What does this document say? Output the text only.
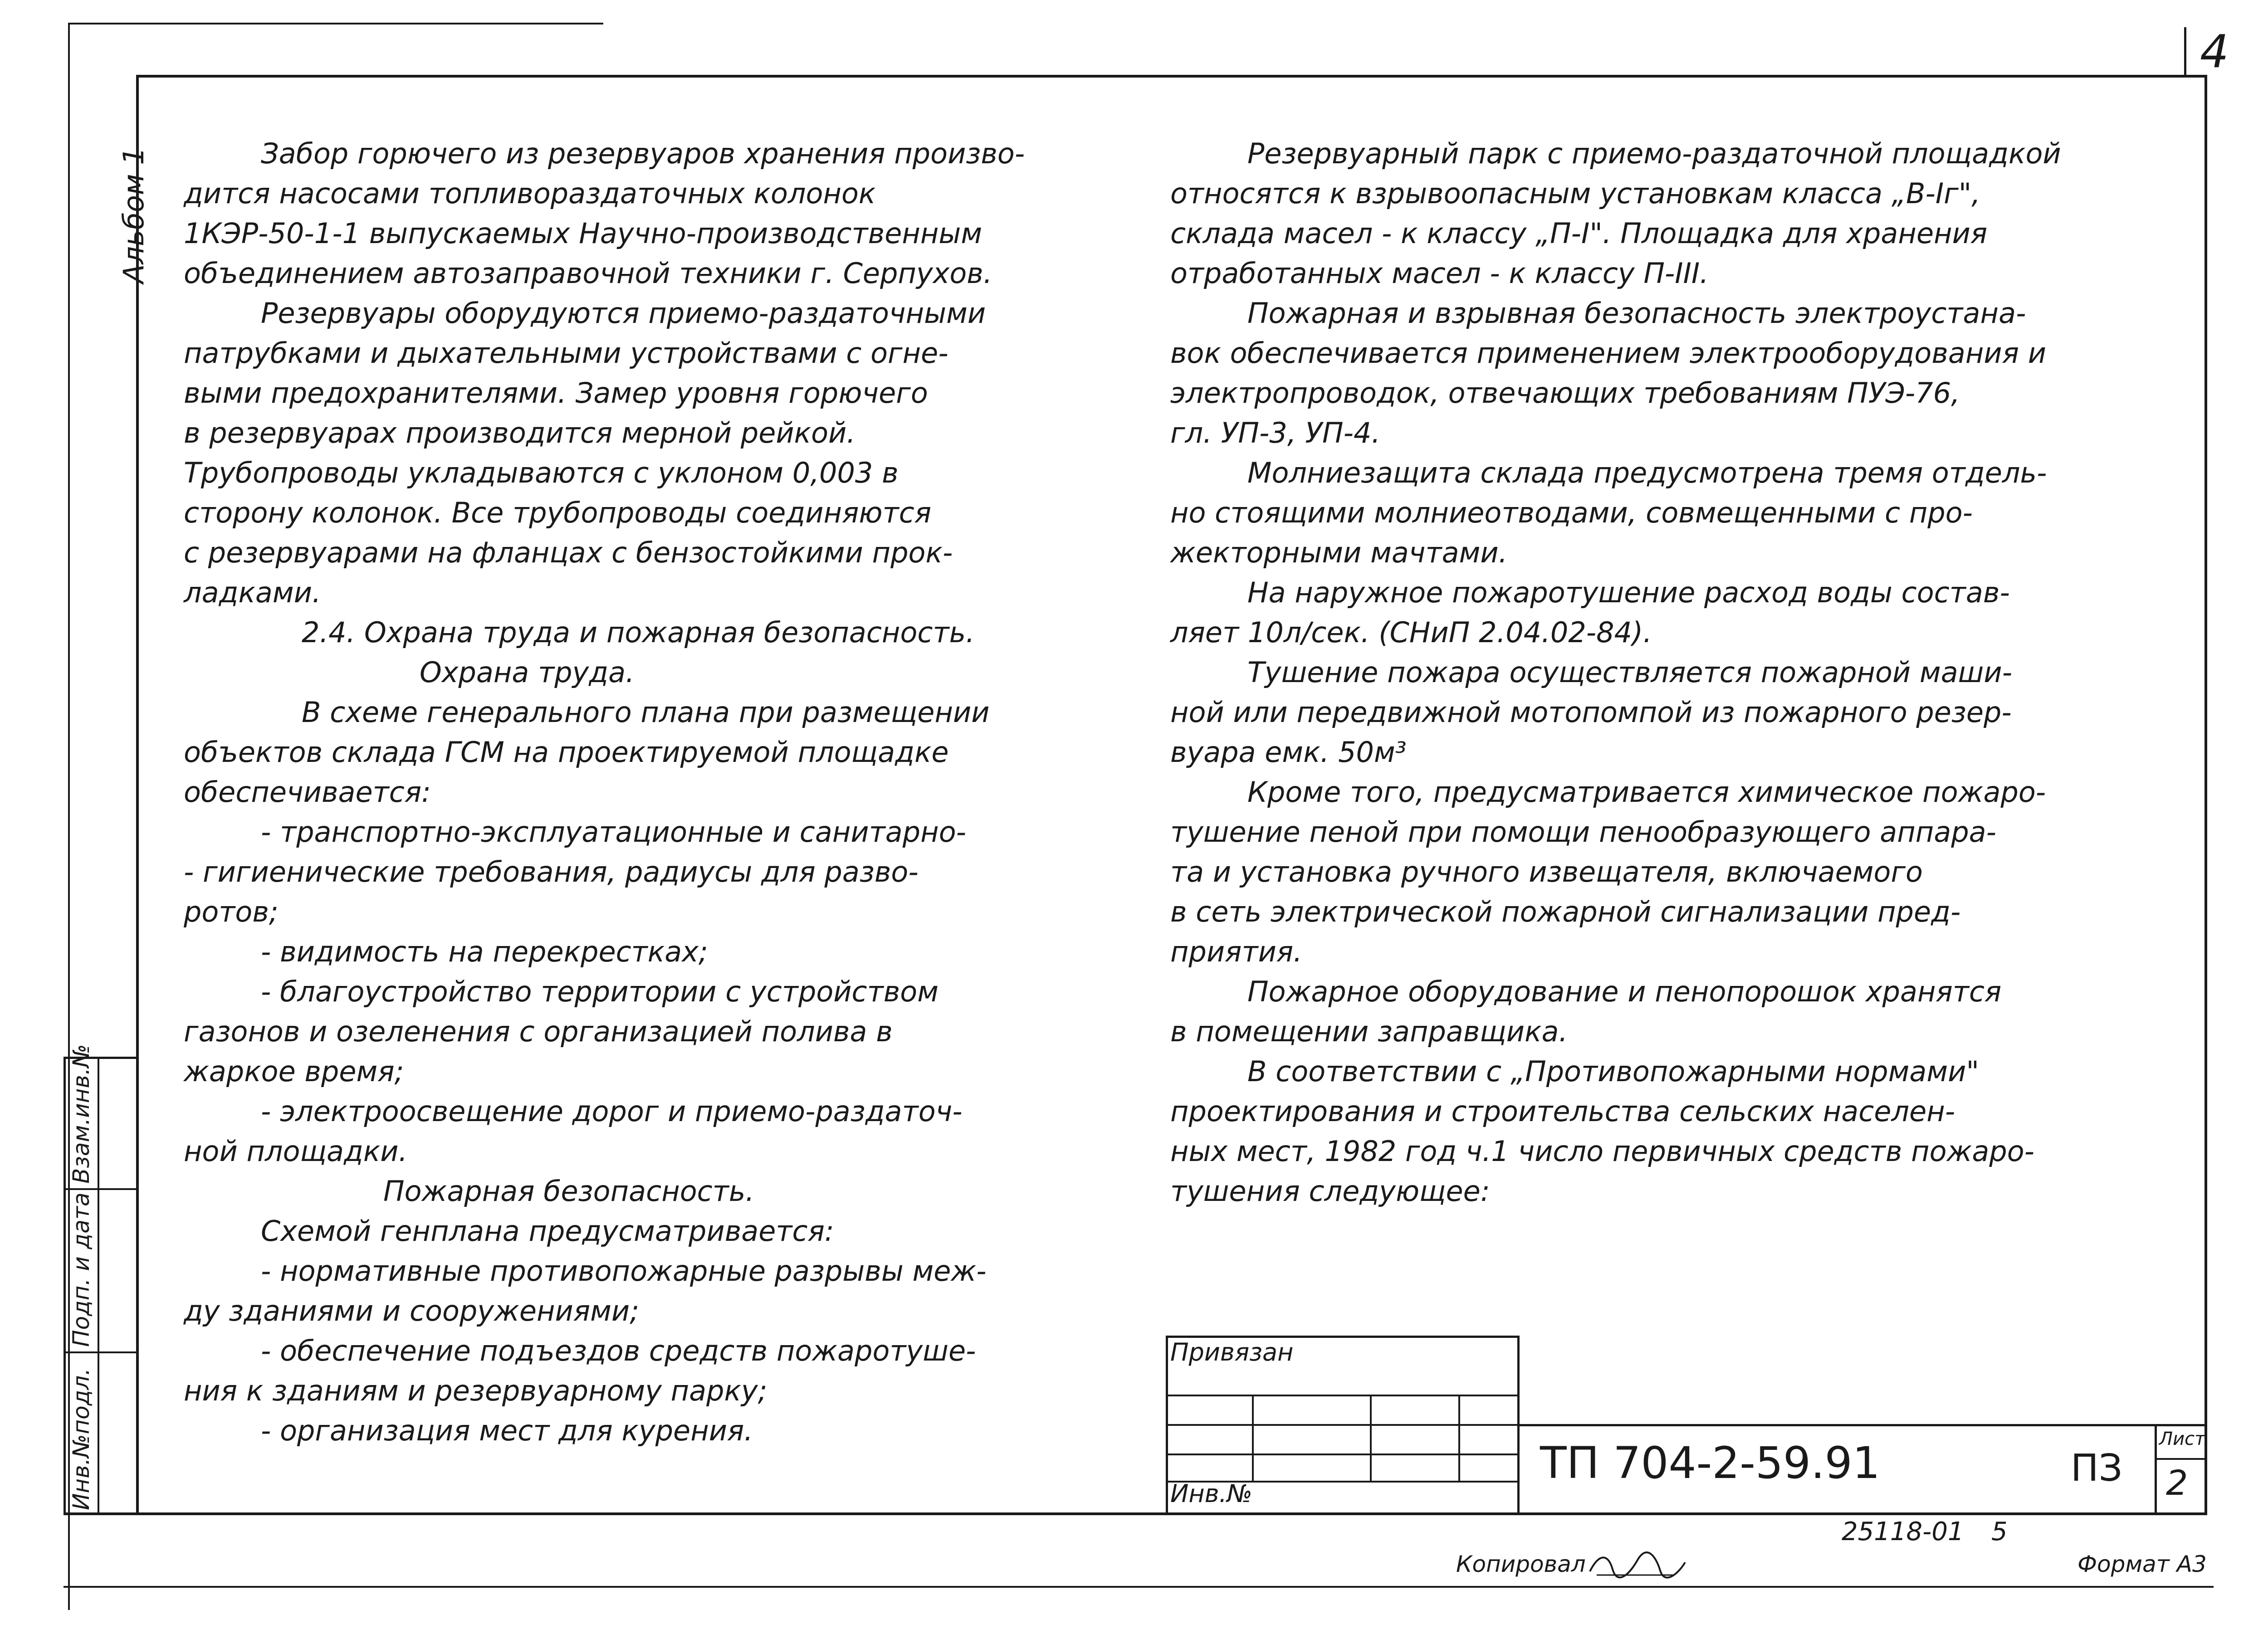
4
Альбом 1
Инв.№подл.
Подп. и дата
Взам.инв.№
Забор горючего из резервуаров хранения произво-
дится насосами топливораздаточных колонок
1КЭР-50-1-1 выпускаемых Научно-производственным
объединением автозаправочной техники г. Серпухов.
Резервуары оборудуются приемо-раздаточными
патрубками и дыхательными устройствами с огне-
выми предохранителями. Замер уровня горючего
в резервуарах производится мерной рейкой.
Трубопроводы укладываются с уклоном 0,003 в
сторону колонок. Все трубопроводы соединяются
с резервуарами на фланцах с бензостойкими прок-
ладками.
2.4. Охрана труда и пожарная безопасность.
Охрана труда.
В схеме генерального плана при размещении
объектов склада ГСМ на проектируемой площадке
обеспечивается:
- транспортно-эксплуатационные и санитарно-
- гигиенические требования, радиусы для разво-
ротов;
- видимость на перекрестках;
- благоустройство территории с устройством
газонов и озеленения с организацией полива в
жаркое время;
- электроосвещение дорог и приемо-раздаточ-
ной площадки.
Пожарная безопасность.
Схемой генплана предусматривается:
- нормативные противопожарные разрывы меж-
ду зданиями и сооружениями;
- обеспечение подъездов средств пожаротуше-
ния к зданиям и резервуарному парку;
- организация мест для курения.
Резервуарный парк с приемо-раздаточной площадкой
относятся к взрывоопасным установкам класса „В-Iг",
склада масел - к классу „П-I". Площадка для хранения
отработанных масел - к классу П-III.
Пожарная и взрывная безопасность электроустана-
вок обеспечивается применением электрооборудования и
электропроводок, отвечающих требованиям ПУЭ-76,
гл. УП-3, УП-4.
Молниезащита склада предусмотрена тремя отдель-
но стоящими молниеотводами, совмещенными с про-
жекторными мачтами.
На наружное пожаротушение расход воды состав-
ляет 10л/сек. (СНиП 2.04.02-84).
Тушение пожара осуществляется пожарной маши-
ной или передвижной мотопомпой из пожарного резер-
вуара емк. 50м³
Кроме того, предусматривается химическое пожаро-
тушение пеной при помощи пенообразующего аппара-
та и установка ручного извещателя, включаемого
в сеть электрической пожарной сигнализации пред-
приятия.
Пожарное оборудование и пенопорошок хранятся
в помещении заправщика.
В соответствии с „Противопожарными нормами"
проектирования и строительства сельских населен-
ных мест, 1982 год ч.1 число первичных средств пожаро-
тушения следующее:
Привязан
Инв.№
ТП 704-2-59.91	ПЗ
Лист
2
25118-01 5
Копировал	Формат А3
